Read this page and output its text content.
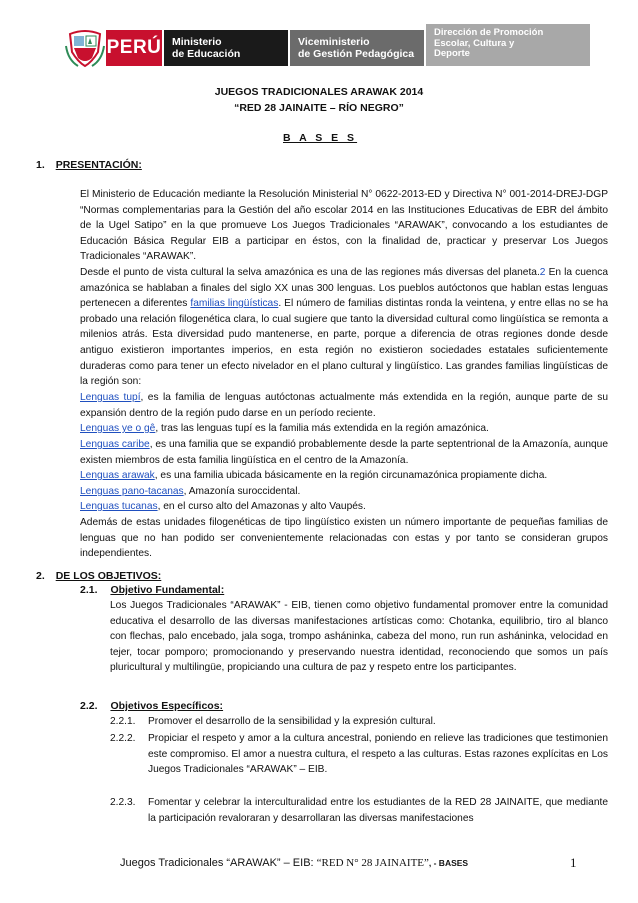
PERÚ	Ministerio
de Educación
Viceministerio
de Gestión Pedagógica
Dirección de Promoción
Escolar, Cultura y
Deporte
JUEGOS TRADICIONALES ARAWAK 2014
“RED 28 JAINAITE – RÍO NEGRO”
B A S E S
1. PRESENTACIÓN:

El Ministerio de Educación mediante la Resolución Ministerial N° 0622-2013-ED y Directiva N° 001-2014-DREJ-DGP “Normas complementarias para la Gestión del año escolar 2014 en las Instituciones Educativas de EBR del ámbito de la Ugel Satipo” en la que promueve Los Juegos Tradicionales “ARAWAK”, convocando a los estudiantes de Educación Básica Regular EIB a participar en éstos, con la finalidad de, practicar y preservar Los Juegos Tradicionales “ARAWAK”.

Desde el punto de vista cultural la selva amazónica es una de las regiones más diversas del planeta.2 En la cuenca amazónica se hablaban a finales del siglo XX unas 300 lenguas. Los pueblos autóctonos que hablan estas lenguas pertenecen a diferentes familias lingüísticas. El número de familias distintas ronda la veintena, y entre ellas no se ha probado una relación filogenética clara, lo cual sugiere que tanto la diversidad cultural como lingüística se remonta a milenios atrás. Esta diversidad pudo mantenerse, en parte, porque a diferencia de otras regiones donde desde antiguo existieron importantes imperios, en esta región no existieron sociedades estatales suficientemente duraderas como para tener un efecto nivelador en el plano cultural y lingüístico. Las grandes familias lingüísticas de la región son:

Lenguas tupí, es la familia de lenguas autóctonas actualmente más extendida en la región, aunque parte de su expansión dentro de la región pudo darse en un período reciente.

Lenguas ye o gê, tras las lenguas tupí es la familia más extendida en la región amazónica.

Lenguas caribe, es una familia que se expandió probablemente desde la parte septentrional de la Amazonía, aunque existen miembros de esta familia lingüística en el centro de la Amazonía.

Lenguas arawak, es una familia ubicada básicamente en la región circunamazónica propiamente dicha.

Lenguas pano-tacanas, Amazonía suroccidental.

Lenguas tucanas, en el curso alto del Amazonas y alto Vaupés.

Además de estas unidades filogenéticas de tipo lingüístico existen un número importante de pequeñas familias de lenguas que no han podido ser convenientemente relacionadas con estas y por tanto se consideran grupos independientes.

2. DE LOS OBJETIVOS:
2.1. Objetivo Fundamental:

Los Juegos Tradicionales “ARAWAK” - EIB, tienen como objetivo fundamental promover entre la comunidad educativa el desarrollo de las diversas manifestaciones artísticas como: Chotanka, equilibrio, tiro al blanco con flechas, palo encebado, jala soga, trompo asháninka, cabeza del mono, run run asháninka, velocidad en tejer, tocar pomporo; promocionando y preservando nuestra identidad, reconociendo que somos un país pluricultural y multilingüe, propiciando una cultura de paz y respeto entre los participantes.

2.2. Objetivos Específicos:
2.2.1. Promover el desarrollo de la sensibilidad y la expresión cultural.

2.2.2. Propiciar el respeto y amor a la cultura ancestral, poniendo en relieve las tradiciones que testimonien este compromiso. El amor a nuestra cultura, el respeto a las culturas. Estas razones explícitas en Los Juegos Tradicionales “ARAWAK” – EIB.

2.2.3. Fomentar y celebrar la interculturalidad entre los estudiantes de la RED 28 JAINAITE, que mediante la participación revaloraran y desarrollaran las diversas manifestaciones

Juegos Tradicionales “ARAWAK” – EIB: “RED N° 28 JAINAITE”, - BASES	1
